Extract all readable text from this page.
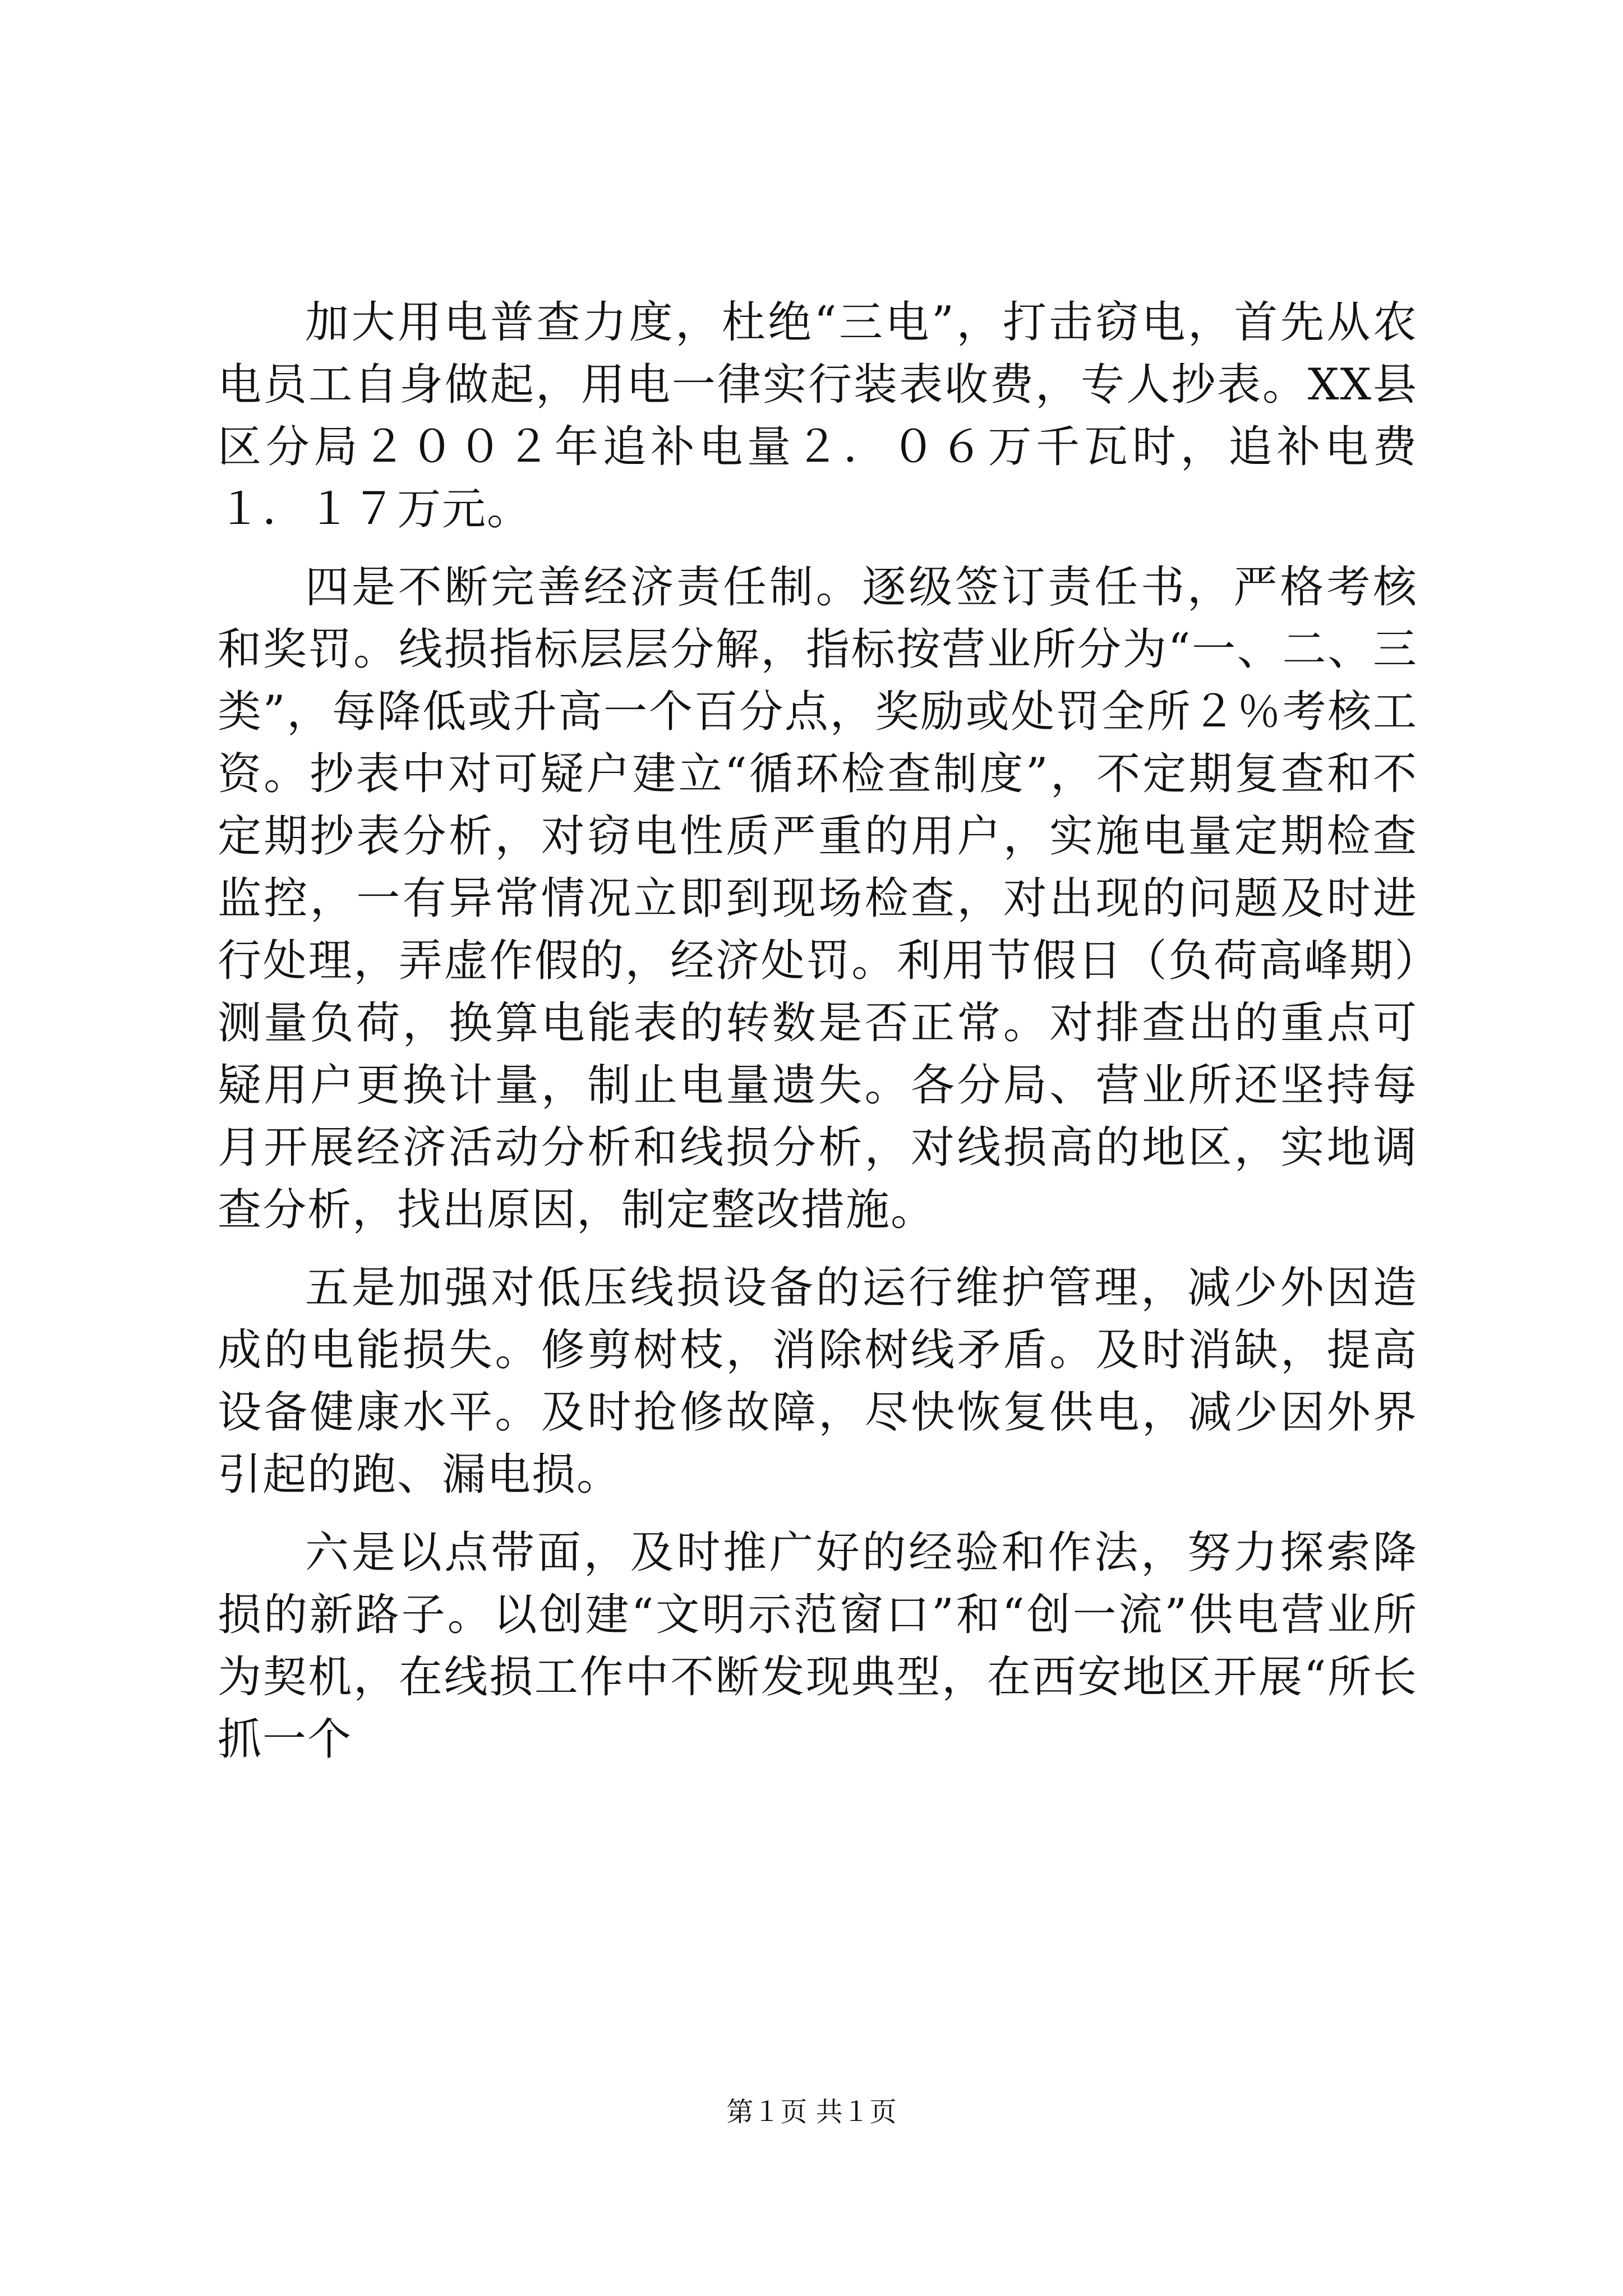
加大用电普查力度，杜绝“三电”，打击窃电，首先从农电员工自身做起，用电一律实行装表收费，专人抄表。XX县区分局２００２年追补电量２．０６万千瓦时，追补电费１．１７万元。

四是不断完善经济责任制。逐级签订责任书，严格考核和奖罚。线损指标层层分解，指标按营业所分为“一、二、三类”，每降低或升高一个百分点，奖励或处罚全所２％考核工资。抄表中对可疑户建立“循环检查制度”，不定期复查和不定期抄表分析，对窃电性质严重的用户，实施电量定期检查监控，一有异常情况立即到现场检查，对出现的问题及时进行处理，弄虚作假的，经济处罚。利用节假日（负荷高峰期）测量负荷，换算电能表的转数是否正常。对排查出的重点可疑用户更换计量，制止电量遗失。各分局、营业所还坚持每月开展经济活动分析和线损分析，对线损高的地区，实地调查分析，找出原因，制定整改措施。

五是加强对低压线损设备的运行维护管理，减少外因造成的电能损失。修剪树枝，消除树线矛盾。及时消缺，提高设备健康水平。及时抢修故障，尽快恢复供电，减少因外界引起的跑、漏电损。

六是以点带面，及时推广好的经验和作法，努力探索降损的新路子。以创建“文明示范窗口”和“创一流”供电营业所为契机，在线损工作中不断发现典型，在西安地区开展“所长抓一个

第１页 共１页
